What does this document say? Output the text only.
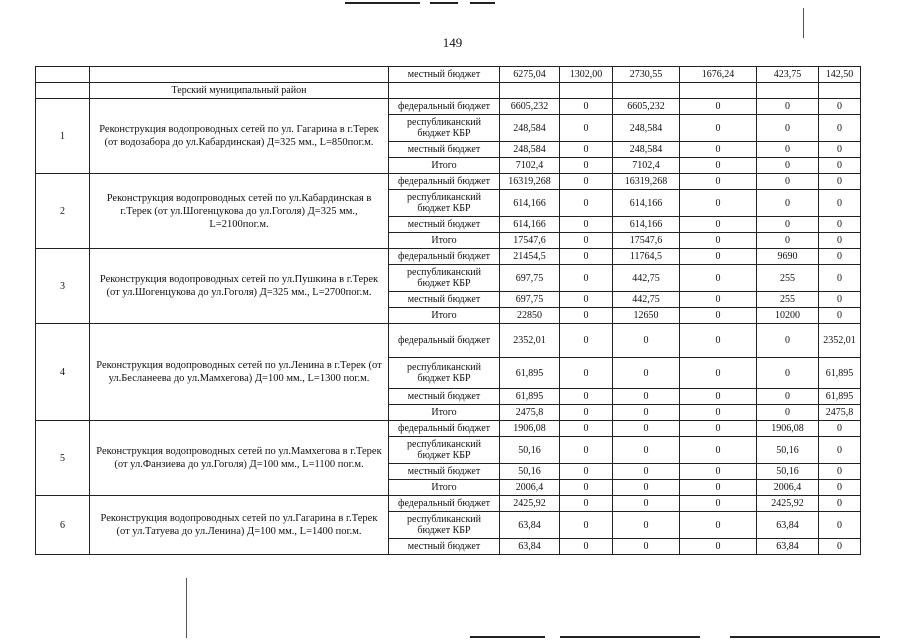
149
		местный бюджет	6275,04	1302,00	2730,55	1676,24	423,75	142,50
	Терский муниципальный район							
1	Реконструкция водопроводных сетей по ул. Гагарина в г.Терек (от водозабора до ул.Кабардинская) Д=325 мм., L=850пог.м.	федеральный бюджет	6605,232	0	6605,232	0	0	0
		республиканский бюджет КБР	248,584	0	248,584	0	0	0
		местный бюджет	248,584	0	248,584	0	0	0
		Итого	7102,4	0	7102,4	0	0	0
2	Реконструкция водопроводных сетей по ул.Кабардинская в г.Терек (от ул.Шогенцукова до ул.Гоголя) Д=325 мм., L=2100пог.м.	федеральный бюджет	16319,268	0	16319,268	0	0	0
		республиканский бюджет КБР	614,166	0	614,166	0	0	0
		местный бюджет	614,166	0	614,166	0	0	0
		Итого	17547,6	0	17547,6	0	0	0
3	Реконструкция водопроводных сетей по ул.Пушкина в г.Терек (от ул.Шогенцукова до ул.Гоголя) Д=325 мм., L=2700пог.м.	федеральный бюджет	21454,5	0	11764,5	0	9690	0
		республиканский бюджет КБР	697,75	0	442,75	0	255	0
		местный бюджет	697,75	0	442,75	0	255	0
		Итого	22850	0	12650	0	10200	0
4	Реконструкция водопроводных сетей по ул.Ленина в г.Терек (от ул.Бесланеева до ул.Мамхегова) Д=100 мм., L=1300 пог.м.	федеральный бюджет	2352,01	0	0	0	0	2352,01
		республиканский бюджет КБР	61,895	0	0	0	0	61,895
		местный бюджет	61,895	0	0	0	0	61,895
		Итого	2475,8	0	0	0	0	2475,8
5	Реконструкция водопроводных сетей по ул.Мамхегова в г.Терек (от ул.Фанзиева до ул.Гоголя) Д=100 мм., L=1100 пог.м.	федеральный бюджет	1906,08	0	0	0	1906,08	0
		республиканский бюджет КБР	50,16	0	0	0	50,16	0
		местный бюджет	50,16	0	0	0	50,16	0
		Итого	2006,4	0	0	0	2006,4	0
6	Реконструкция водопроводных сетей по ул.Гагарина в г.Терек (от ул.Татуева до ул.Ленина) Д=100 мм., L=1400 пог.м.	федеральный бюджет	2425,92	0	0	0	2425,92	0
		республиканский бюджет КБР	63,84	0	0	0	63,84	0
		местный бюджет	63,84	0	0	0	63,84	0
